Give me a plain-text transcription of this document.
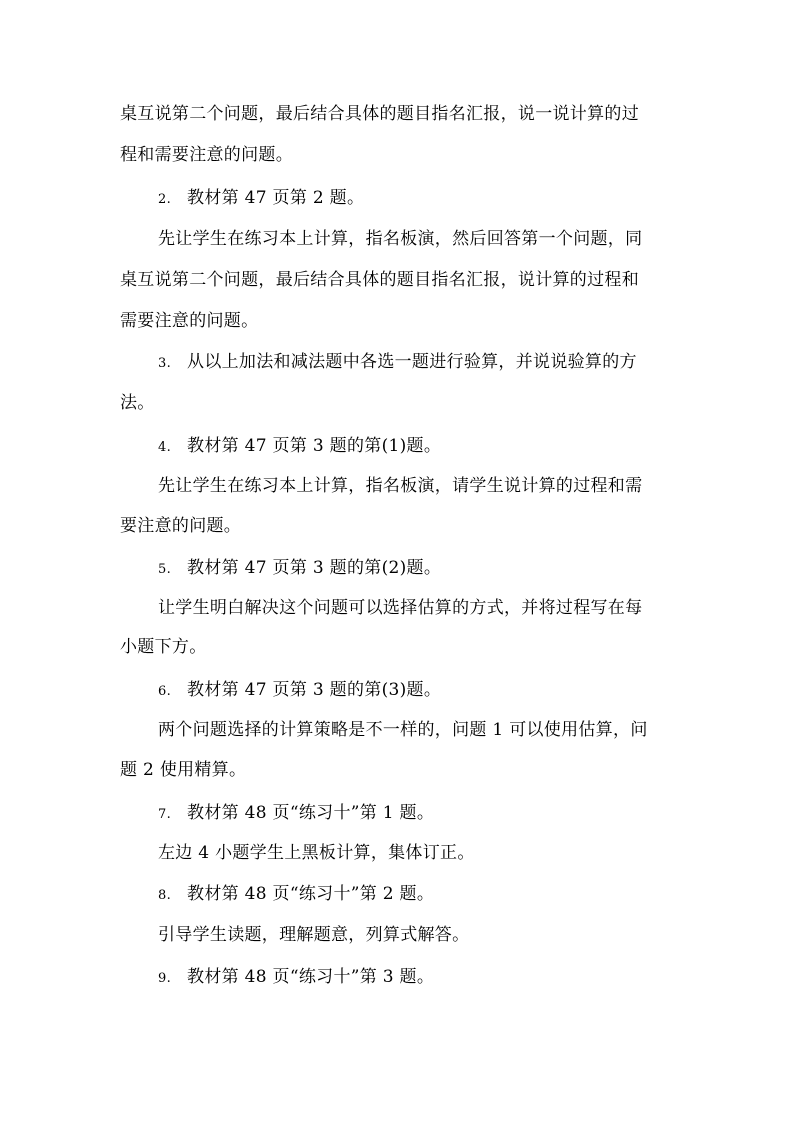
桌互说第二个问题，最后结合具体的题目指名汇报，说一说计算的过
程和需要注意的问题。
2. 教材第 47 页第 2 题。
先让学生在练习本上计算，指名板演，然后回答第一个问题，同
桌互说第二个问题，最后结合具体的题目指名汇报，说计算的过程和
需要注意的问题。
3. 从以上加法和减法题中各选一题进行验算，并说说验算的方
法。
4. 教材第 47 页第 3 题的第(1)题。
先让学生在练习本上计算，指名板演，请学生说计算的过程和需
要注意的问题。
5. 教材第 47 页第 3 题的第(2)题。
让学生明白解决这个问题可以选择估算的方式，并将过程写在每
小题下方。
6. 教材第 47 页第 3 题的第(3)题。
两个问题选择的计算策略是不一样的，问题 1 可以使用估算，问
题 2 使用精算。
7. 教材第 48 页“练习十”第 1 题。
左边 4 小题学生上黑板计算，集体订正。
8. 教材第 48 页“练习十”第 2 题。
引导学生读题，理解题意，列算式解答。
9. 教材第 48 页“练习十”第 3 题。
